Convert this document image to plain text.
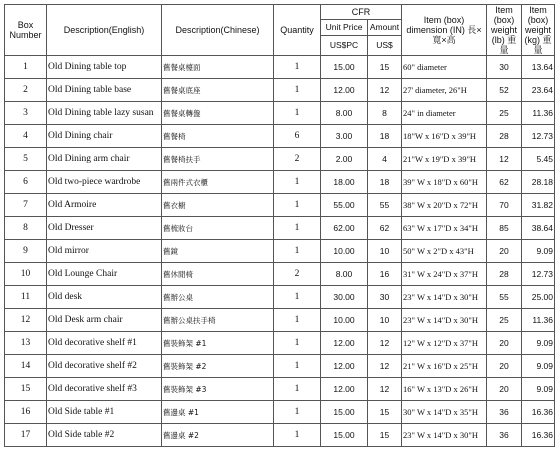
Box Number	Description(English)	Description(Chinese)	Quantity	CFR		Item (box) dimension (IN) 長×寬×高	Item (box) weight (lb) 重量	Item (box) weight (kg) 重量
				Unit Price	Amount			
				US$PC	US$			
1	Old Dining table top	舊餐桌檯面	1	15.00	15	60" diameter	30	13.64
2	Old Dining table base	舊餐桌底座	1	12.00	12	27' diameter, 26"H	52	23.64
3	Old Dining table lazy susan	舊餐桌轉盤	1	8.00	8	24" in diameter	25	11.36
4	Old Dining chair	舊餐椅	6	3.00	18	18"W x 16"D x 39"H	28	12.73
5	Old Dining arm chair	舊餐椅扶手	2	2.00	4	21"W x 19"D x 39"H	12	5.45
6	Old two-piece wardrobe	舊兩件式衣櫃	1	18.00	18	39" W x 18"D x 60"H	62	28.18
7	Old Armoire	舊衣櫥	1	55.00	55	38" W x 20"D x 72"H	70	31.82
8	Old Dresser	舊梳妝台	1	62.00	62	63" W x 17"D x 34"H	85	38.64
9	Old mirror	舊鏡	1	10.00	10	50" W x 2"D x 43"H	20	9.09
10	Old Lounge Chair	舊休閒椅	2	8.00	16	31" W x 24"D x 37"H	28	12.73
11	Old desk	舊辦公桌	1	30.00	30	23" W x 14"D x 30"H	55	25.00
12	Old Desk arm chair	舊辦公桌扶手椅	1	10.00	10	23" W x 14"D x 30"H	25	11.36
13	Old decorative shelf #1	舊裝飾架 #1	1	12.00	12	12" W x 12"D x 37"H	20	9.09
14	Old decorative shelf #2	舊裝飾架 #2	1	12.00	12	21" W x 16"D x 25"H	20	9.09
15	Old decorative shelf #3	舊裝飾架 #3	1	12.00	12	16" W x 13"D x 26"H	20	9.09
16	Old Side table #1	舊邊桌 #1	1	15.00	15	30" W x 14"D x 35"H	36	16.36
17	Old Side table #2	舊邊桌 #2	1	15.00	15	23" W x 14"D x 30"H	36	16.36
